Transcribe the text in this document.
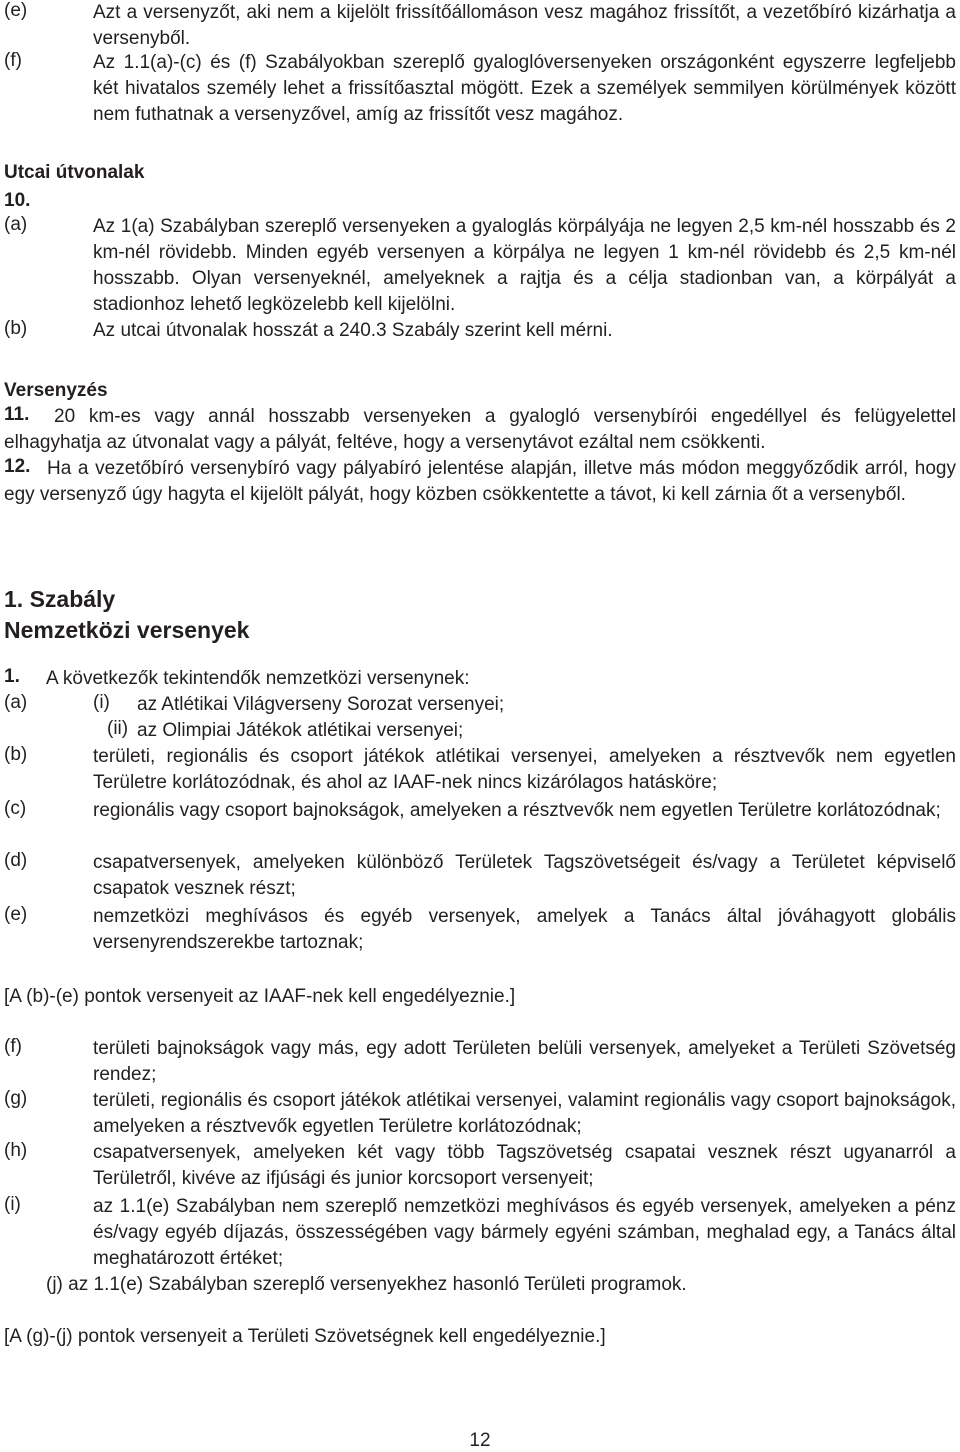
(e)	Azt a versenyzőt, aki nem a kijelölt frissítőállomáson vesz magához frissítőt, a vezetőbíró kizárhatja a versenyből.
(f)	Az 1.1(a)-(c) és (f) Szabályokban szereplő gyaloglóversenyeken országonként egyszerre legfeljebb két hivatalos személy lehet a frissítőasztal mögött. Ezek a személyek semmilyen körülmények között nem futhatnak a versenyzővel, amíg az frissítőt vesz magához.
Utcai útvonalak
10.
(a)	Az 1(a) Szabályban szereplő versenyeken a gyaloglás körpályája ne legyen 2,5 km-nél hosszabb és 2 km-nél rövidebb. Minden egyéb versenyen a körpálya ne legyen 1 km-nél rövidebb és 2,5 km-nél hosszabb. Olyan versenyeknél, amelyeknek a rajtja és a célja stadionban van, a körpályát a stadionhoz lehető legközelebb kell kijelölni.
(b)	Az utcai útvonalak hosszát a 240.3 Szabály szerint kell mérni.
Versenyzés
11.	20 km-es vagy annál hosszabb versenyeken a gyalogló versenybírói engedéllyel és felügyelettel elhagyhatja az útvonalat vagy a pályát, feltéve, hogy a versenytávot ezáltal nem csökkenti.
12. Ha a vezetőbíró versenybíró vagy pályabíró jelentése alapján, illetve más módon meggyőződik arról, hogy egy versenyző úgy hagyta el kijelölt pályát, hogy közben csökkentette a távot, ki kell zárnia őt a versenyből.
1. Szabály
Nemzetközi versenyek
1. A következők tekintendők nemzetközi versenynek:
(a)	(i) az Atlétikai Világverseny Sorozat versenyei;
(ii) az Olimpiai Játékok atlétikai versenyei;
(b)	területi, regionális és csoport játékok atlétikai versenyei, amelyeken a résztvevők nem egyetlen Területre korlátozódnak, és ahol az IAAF-nek nincs kizárólagos hatásköre;
(c)	regionális vagy csoport bajnokságok, amelyeken a résztvevők nem egyetlen Területre korlátozódnak;
(d)	csapatversenyek, amelyeken különböző Területek Tagszövetségeit és/vagy a Területet képviselő csapatok vesznek részt;
(e)	nemzetközi meghívásos és egyéb versenyek, amelyek a Tanács által jóváhagyott globális versenyrendszerekbe tartoznak;
[A (b)-(e) pontok versenyeit az IAAF-nek kell engedélyeznie.]
(f)	területi bajnokságok vagy más, egy adott Területen belüli versenyek, amelyeket a Területi Szövetség rendez;
(g)	területi, regionális és csoport játékok atlétikai versenyei, valamint regionális vagy csoport bajnokságok, amelyeken a résztvevők egyetlen Területre korlátozódnak;
(h)	csapatversenyek, amelyeken két vagy több Tagszövetség csapatai vesznek részt ugyanarról a Területről, kivéve az ifjúsági és junior korcsoport versenyeit;
(i)	az 1.1(e) Szabályban nem szereplő nemzetközi meghívásos és egyéb versenyek, amelyeken a pénz és/vagy egyéb díjazás, összességében vagy bármely egyéni számban, meghalad egy, a Tanács által meghatározott értéket;
(j) az 1.1(e) Szabályban szereplő versenyekhez hasonló Területi programok.
[A (g)-(j) pontok versenyeit a Területi Szövetségnek kell engedélyeznie.]
12
